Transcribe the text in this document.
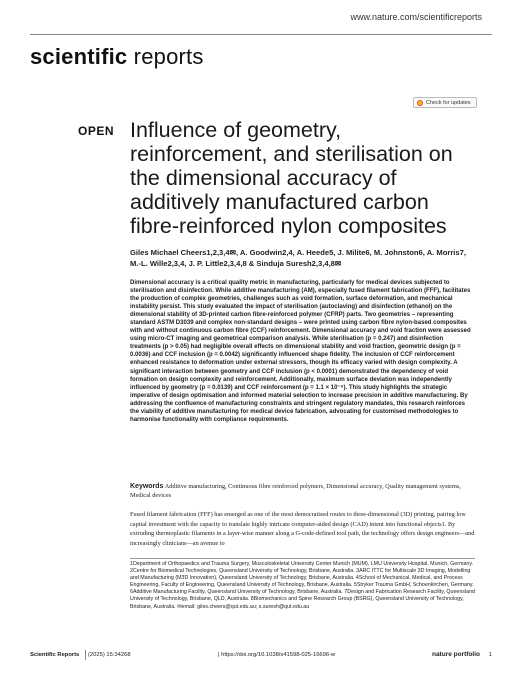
www.nature.com/scientificreports
scientific reports
Check for updates
OPEN Influence of geometry, reinforcement, and sterilisation on the dimensional accuracy of additively manufactured carbon fibre-reinforced nylon composites
Giles Michael Cheers1,2,3,4✉, A. Goodwin2,4, A. Heede5, J. Milite6, M. Johnston6, A. Morris7, M.-L. Wille2,3,4, J. P. Little2,3,4,8 & Sinduja Suresh2,3,4,8✉
Dimensional accuracy is a critical quality metric in manufacturing, particularly for medical devices subjected to sterilisation and disinfection. While additive manufacturing (AM), especially fused filament fabrication (FFF), facilitates the production of complex geometries, challenges such as void formation, surface deformation, and mechanical instability persist. This study evaluated the impact of sterilisation (autoclaving) and disinfection (ethanol) on the dimensional stability of 3D-printed carbon fibre-reinforced polymer (CFRP) parts. Two geometries – representing standard ASTM D3039 and complex non-standard designs – were printed using carbon fibre nylon-based composites with and without continuous carbon fibre (CCF) reinforcement. Dimensional accuracy and void fraction were assessed using micro-CT imaging and geometrical comparison analysis. While sterilisation (p = 0.247) and disinfection treatments (p > 0.05) had negligible overall effects on dimensional stability and void fraction, geometric design (p = 0.0036) and CCF inclusion (p = 0.0042) significantly influenced shape fidelity. The inclusion of CCF reinforcement enhanced resistance to deformation under external stressors, though its efficacy varied with design complexity. A significant interaction between geometry and CCF inclusion (p < 0.0001) demonstrated the dependency of void formation on design complexity and reinforcement. Additionally, maximum surface deviation was independently influenced by geometry (p = 0.0139) and CCF reinforcement (p = 1.1 × 10⁻⁶). This study highlights the strategic imperative of design optimisation and informed material selection to increase precision in additive manufacturing. By addressing the confluence of manufacturing constraints and stringent regulatory mandates, this research reinforces the viability of additive manufacturing for medical device fabrication, advocating for customised methodologies to harmonise functionality with compliance requirements.
Keywords Additive manufacturing, Continuous fibre reinforced polymers, Dimensional accuracy, Quality management systems, Medical devices
Fused filament fabrication (FFF) has emerged as one of the most democratised routes to three-dimensional (3D) printing, pairing low capital investment with the capacity to translate highly intricate computer-aided design (CAD) intent into functional objects1. By extruding thermoplastic filaments in a layer-wise manner along a G-code-defined tool path, the technology offers design engineers—and increasingly clinicians—an avenue to
1Department of Orthopaedics and Trauma Surgery, Musculoskeletal University Center Munich (MUM), LMU University Hospital, Munich, Germany. 2Centre for Biomedical Technologies, Queensland University of Technology, Brisbane, Australia. 3ARC ITTC for Multiscale 3D Imaging, Modelling and Manufacturing (M3D Innovation), Queensland University of Technology, Brisbane, Australia. 4School of Mechanical, Medical, and Process Engineering, Faculty of Engineering, Queensland University of Technology, Brisbane, Australia. 5Stryker Trauma GmbH, Schoenkirchen, Germany. 6Additive Manufacturing Facility, Queensland University of Technology, Brisbane, Australia. 7Design and Fabrication Research Facility, Queensland University of Technology, Brisbane, QLD, Australia. 8Biomechanics and Spine Research Group (BSRG), Queensland University of Technology, Brisbane, Australia. ✉email: giles.cheers@qut.edu.au; s.suresh@qut.edu.au
Scientific Reports (2025) 15:34268	| https://doi.org/10.1038/s41598-025-16696-w	nature portfolio 1
